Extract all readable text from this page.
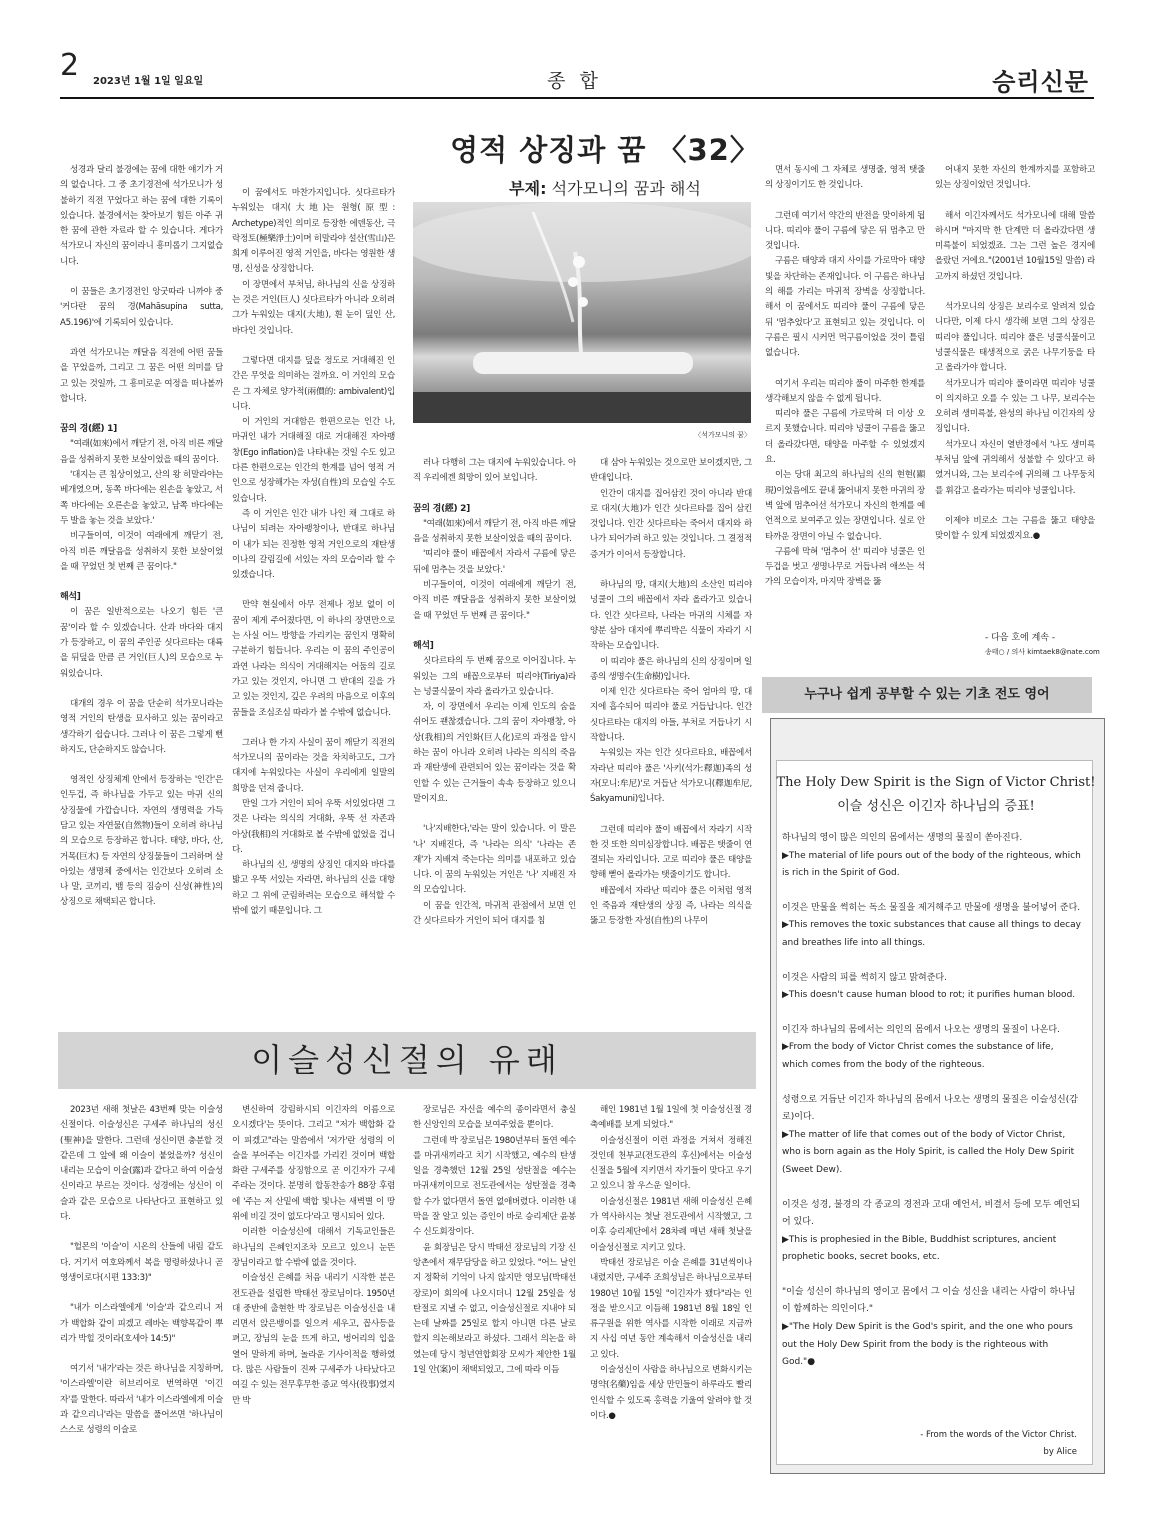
2 2023년 1월 1일 일요일	종 합	승리신문
영적 상징과 꿈 〈32〉
부제: 석가모니의 꿈과 해석
〈석가모니의 꿈〉

성경과 달리 불경에는 꿈에 대한 얘기가 거의 없습니다. 그 중 초기경전에 석가모니가 성불하기 직전 꾸었다고 하는 꿈에 대한 기록이 있습니다. 불경에서는 찾아보기 힘든 아주 귀한 꿈에 관한 자료라 할 수 있습니다. 게다가 석가모니 자신의 꿈이라니 흥미롭기 그지없습니다.

이 꿈들은 초기경전인 앙굿따라 니까야 중 '커다란 꿈의 경(Mahāsupina sutta, A5.196)'에 기록되어 있습니다.

과연 석가모니는 깨달음 직전에 어떤 꿈들을 꾸었을까, 그리고 그 꿈은 어떤 의미를 담고 있는 것일까, 그 흥미로운 여정을 떠나볼까 합니다.

꿈의 경(經) 1]

"여래(如來)에서 깨닫기 전, 아직 비른 깨달음을 성취하지 못한 보살이었을 때의 꿈이다.

'대지는 큰 침상이었고, 산의 왕 히말라야는 베개였으며, 동쪽 바다에는 왼손을 놓았고, 서쪽 바다에는 오른손을 놓았고, 남쪽 바다에는 두 발을 놓는 것을 보았다.'

비구들이여, 이것이 여래에게 깨닫기 전, 아직 비른 깨달음을 성취하지 못한 보살이었을 때 꾸었던 첫 번째 큰 꿈이다."

해석]

이 꿈은 일반적으로는 나오기 힘든 '큰 꿈'이라 할 수 있겠습니다. 산과 바다와 대지가 등장하고, 이 꿈의 주인공 싯다르타는 대륙을 뒤덮을 만큼 큰 거인(巨人)의 모습으로 누워있습니다.

대개의 경우 이 꿈을 단순히 석가모니라는 영적 거인의 탄생을 묘사하고 있는 꿈이라고 생각하기 쉽습니다. 그러나 이 꿈은 그렇게 뻔하지도, 단순하지도 않습니다.

영적인 상징체계 안에서 등장하는 '인간'은 인두겁, 즉 하나님을 가두고 있는 마귀 신의 상징물에 가깝습니다. 자연의 생명력을 가득 담고 있는 자연물(自然物)들이 오히려 하나님의 모습으로 등장하곤 합니다. 태양, 바다, 산, 거목(巨木) 등 자연의 상징물들이 그러하며 살아있는 생명체 중에서는 인간보다 오히려 소나 말, 코끼리, 뱀 등의 짐승이 신성(神性)의 상징으로 채택되곤 합니다.

이 꿈에서도 마찬가지입니다. 싯다르타가 누워있는 대지(大地)는 원형(原型: Archetype)적인 의미로 등장한 에덴동산, 극락정토(極樂淨土)이며 히말라야 설산(雪山)은 희게 이루어진 영적 거인을, 바다는 영원한 생명, 신성을 상징합니다.

이 장면에서 부처님, 하나님의 신을 상징하는 것은 거인(巨人) 싯다르타가 아니라 오히려 그가 누워있는 대지(大地), 흰 눈이 덮인 산, 바다인 것입니다.

그렇다면 대지를 덮을 정도로 거대해진 인간은 무엇을 의미하는 걸까요. 이 거인의 모습은 그 자체로 양가적(兩價的: ambivalent)입니다.

이 거인의 거대함은 한편으로는 인간 나, 마귀인 내가 거대해질 대로 거대해진 자아팽창(Ego inflation)을 나타내는 것일 수도 있고 다른 한편으로는 인간의 한계를 넘어 영적 거인으로 성장해가는 자성(自性)의 모습일 수도 있습니다.

즉 이 거인은 인간 내가 나인 채 그대로 하나님이 되려는 자아팽창이나, 반대로 하나님이 내가 되는 진정한 영적 거인으로의 재탄생이나의 갈림길에 서있는 자의 모습이라 할 수 있겠습니다.

만약 현실에서 아무 전제나 정보 없이 이 꿈이 제게 주어졌다면, 이 하나의 장면만으로는 사실 어느 방향을 가리키는 꿈인지 명확히 구분하기 힘듭니다. 우리는 이 꿈의 주인공이 과연 나라는 의식이 거대해지는 어둠의 길로 가고 있는 것인지, 아니면 그 반대의 길을 가고 있는 것인지, 깊은 우려의 마음으로 이후의 꿈들을 조심조심 따라가 볼 수밖에 없습니다.

그러나 한 가지 사실이 꿈이 깨닫기 직전의 석가모니의 꿈이라는 것을 차치하고도, 그가 대지에 누워있다는 사실이 우리에게 일말의 희망을 던져 줍니다.

만일 그가 거인이 되어 우뚝 서있었다면 그것은 나라는 의식의 거대화, 우뚝 선 자존과 아상(我相)의 거대화로 볼 수밖에 없었을 겁니다.

하나님의 신, 생명의 상징인 대지와 바다를 밟고 우뚝 서있는 자라면, 하나님의 신을 대항하고 그 위에 군림하려는 모습으로 해석할 수밖에 없기 때문입니다. 그

러나 다행히 그는 대지에 누워있습니다. 아직 우리에겐 희망이 있어 보입니다.

꿈의 경(經) 2]

"여래(如來)에서 깨닫기 전, 아직 바른 깨달음을 성취하지 못한 보살이었을 때의 꿈이다.

'띠리야 풀이 배꼽에서 자라서 구름에 닿은 뒤에 멈추는 것을 보았다.'

비구들이여, 이것이 여래에게 깨닫기 전, 아직 비른 깨달음을 성취하지 못한 보살이었을 때 꾸었던 두 번째 큰 꿈이다."

해석]

싯다르타의 두 번째 꿈으로 이어집니다. 누워있는 그의 배꼽으로부터 띠리야(Tiriya)라는 넝쿨식물이 자라 올라가고 있습니다.

자, 이 장면에서 우리는 이제 인도의 숨을 쉬어도 괜찮겠습니다. 그의 꿈이 자아팽창, 아상(我相)의 거인화(巨人化)로의 과정을 암시하는 꿈이 아니라 오히려 나라는 의식의 죽음과 재탄생에 관련되어 있는 꿈이라는 것을 확인할 수 있는 근거들이 속속 등장하고 있으니 말이지요.

'나'지배한다,'라는 말이 있습니다. 이 말은 '나' 지배진다, 즉 '나라는 의식' '나라는 존재'가 지배져 죽는다는 의미를 내포하고 있습니다. 이 꿈의 누워있는 거인은 '나' 지배진 자의 모습입니다.

이 꿈을 인간적, 마귀적 관점에서 보면 인간 싯다르타가 거인이 되어 대지를 침

대 삼아 누워있는 것으로만 보이겠지만, 그 반대입니다.

인간이 대지를 집어삼킨 것이 아니라 반대로 대지(大地)가 인간 싯다르타를 집어 삼킨 것입니다. 인간 싯다르타는 죽어서 대지와 하나가 되어가려 하고 있는 것입니다. 그 결정적 증거가 이어서 등장합니다.

하나님의 땅, 대지(大地)의 소산인 띠리야 넝쿨이 그의 배꼽에서 자라 올라가고 있습니다. 인간 싯다르타, 나라는 마귀의 시체를 자양분 삼아 대지에 뿌리박은 식물이 자라기 시작하는 모습입니다.

이 띠리야 풀은 하나님의 신의 상징이며 일종의 생명수(生命樹)입니다.

이제 인간 싯다르타는 죽어 엄마의 땅, 대지에 흡수되어 띠리야 풀로 거듭납니다. 인간 싯다르타는 대지의 아들, 부처로 거듭나기 시작합니다.

누워있는 자는 인간 싯다르타요, 배꼽에서 자라난 띠리야 풀은 '사키(석가:釋迦)족의 성자(모니:牟尼)'로 거듭난 석가모니(釋迦牟尼, Śakyamuni)입니다.

그런데 띠리야 풀이 배꼽에서 자라기 시작한 것 또한 의미심장합니다. 배꼽은 탯줄이 연결되는 자리입니다. 고로 띠리야 풀은 태양을 향해 뻗어 올라가는 탯줄이기도 합니다.

배꼽에서 자라난 띠리야 풀은 이처럼 영적인 죽음과 재탄생의 상징 즉, 나라는 의식을 뚫고 등장한 자성(自性)의 나무이

면서 동시에 그 자체로 생명줄, 영적 탯줄의 상징이기도 한 것입니다.

그런데 여기서 약간의 반전을 맞이하게 됩니다. 띠리야 풀이 구름에 닿은 뒤 멈추고 만 것입니다.

구름은 태양과 대지 사이를 가로막아 태양빛을 차단하는 존재입니다. 이 구름은 하나님의 해를 가리는 마귀적 장벽을 상징합니다. 해서 이 꿈에서도 띠리야 풀이 구름에 닿은 뒤 '멈추었다'고 표현되고 있는 것입니다. 이 구름은 필시 시커먼 먹구름이었을 것이 틀림없습니다.

여기서 우리는 띠리야 풀이 마주한 한계를 생각해보지 않을 수 없게 됩니다.

띠리야 풀은 구름에 가로막혀 더 이상 오르지 못했습니다. 띠리야 넝쿨이 구름을 뚫고 더 올라갔다면, 태양을 마주할 수 있었겠지요.

이는 당대 최고의 하나님의 신의 현현(顯現)이었음에도 끝내 뚫어내지 못한 마귀의 장벽 앞에 멈추어선 석가모니 자신의 한계를 예언적으로 보여주고 있는 장면입니다. 실로 안타까운 장면이 아닐 수 없습니다.

구름에 막혀 '멈추어 선' 띠리야 넝쿨은 인두겁을 벗고 생명나무로 거듭나려 애쓰는 석가의 모습이자, 마지막 장벽을 뚫

어내지 못한 자신의 한계까지를 포함하고 있는 상징이었던 것입니다.

해서 이긴자께서도 석가모니에 대해 말씀하시며 "마지막 한 단계만 더 올라갔다면 생미륵불이 되었겠죠. 그는 그런 높은 경지에 올랐던 거에요."(2001년 10월15일 말씀) 라고까지 하셨던 것입니다.

석가모니의 상징은 보리수로 알려져 있습니다만, 이제 다시 생각해 보면 그의 상징은 띠리야 풀입니다. 띠리야 풀은 넝쿨식물이고 넝쿨식물은 태생적으로 굵은 나무기둥을 타고 올라가야 합니다.

석가모니가 띠리야 풀이라면 띠리야 넝쿨이 의지하고 오를 수 있는 그 나무, 보리수는 오히려 생미륵불, 완성의 하나님 이긴자의 상징입니다.

석가모니 자신이 열반경에서 '나도 생미륵 부처님 앞에 귀의해서 성불할 수 있다'고 하였거니와, 그는 보리수에 귀의해 그 나무둥치를 휘감고 올라가는 띠리야 넝쿨입니다.

이제야 비로소 그는 구름을 뚫고 태양을 맞이할 수 있게 되었겠지요.●

- 다음 호에 계속 -
송태○ / 의사 kimtaek8@nate.com
누구나 쉽게 공부할 수 있는 기초 전도 영어
The Holy Dew Spirit is the Sign of Victor Christ!
이슬 성신은 이긴자 하나님의 증표!
하나님의 영이 많은 의인의 몸에서는 생명의 물질이 쏟아진다.
▶The material of life pours out of the body of the righteous, which is rich in the Spirit of God.
이것은 만물을 썩히는 독소 물질을 제거해주고 만물에 생명을 불어넣어 준다.
▶This removes the toxic substances that cause all things to decay and breathes life into all things.
이것은 사람의 피를 썩히지 않고 맑혀준다.
▶This doesn't cause human blood to rot; it purifies human blood.
이긴자 하나님의 몸에서는 의인의 몸에서 나오는 생명의 물질이 나온다.
▶From the body of Victor Christ comes the substance of life, which comes from the body of the righteous.
성령으로 거듭난 이긴자 하나님의 몸에서 나오는 생명의 물질은 이슬성신(감로)이다.
▶The matter of life that comes out of the body of Victor Christ, who is born again as the Holy Spirit, is called the Holy Dew Spirit (Sweet Dew).
이것은 성경, 불경의 각 종교의 경전과 고대 예언서, 비결서 등에 모두 예언되어 있다.
▶This is prophesied in the Bible, Buddhist scriptures, ancient prophetic books, secret books, etc.
"이슬 성신이 하나님의 영이고 몸에서 그 이슬 성신을 내리는 사람이 하나님이 함께하는 의인이다."
▶"The Holy Dew Spirit is the God's spirit, and the one who pours out the Holy Dew Spirit from the body is the righteous with God."●
- From the words of the Victor Christ.
by Alice
이슬성신절의 유래

2023년 새해 첫날은 43번째 맞는 이슬성신절이다. 이슬성신은 구세주 하나님의 성신(聖神)을 말한다. 그런데 성신이면 충분할 것 같은데 그 앞에 왜 이슬이 붙었을까? 성신이 내리는 모습이 이슬(露)과 같다고 하여 이슬성신이라고 부르는 것이다. 성경에는 성신이 이슬과 같은 모습으로 나타난다고 표현하고 있다.

"헐몬의 '이슬'이 시온의 산들에 내림 같도다. 거기서 여호와께서 복을 명령하셨나니 곧 영생이로다(시편 133:3)"

"내가 이스라엘에게 '이슬'과 같으리니 저가 백합화 같이 피겠고 레바논 백향목같이 뿌리가 박힐 것이라(호세아 14:5)"

여기서 '내가'라는 것은 하나님을 지칭하며, '이스라엘'이란 히브리어로 번역하면 '이긴자'를 말한다. 따라서 '내가 이스라엘에게 이슬과 같으리니'라는 말씀을 풀어쓰면 '하나님이 스스로 성령의 이슬로

변신하여 강림하시되 이긴자의 이름으로 오시겠다'는 뜻이다. 그리고 "저가 백합화 같이 피겠고"라는 말씀에서 '저가'란 성령의 이슬을 부어주는 이긴자를 가리킨 것이며 백합화란 구세주를 상징함으로 곧 이긴자가 구세주라는 것이다. 분명히 합동찬송가 88장 후렴에 '주는 저 산밑에 백합 빛나는 새벽별 이 땅 위에 비길 것이 없도다'라고 명시되어 있다.

이러한 이슬성신에 대해서 기독교인들은 하나님의 은혜인지조차 모르고 있으니 눈뜬 장님이라고 할 수밖에 없을 것이다.

이슬성신 은혜를 처음 내리기 시작한 분은 전도관을 설립한 박태선 장로님이다. 1950년대 중반에 출현한 박 장로님은 이슬성신을 내리면서 앉은뱅이를 일으켜 세우고, 꼽사등을 펴고, 장님의 눈을 뜨게 하고, 벙어리의 입을 열어 말하게 하며, 놀라운 기사이적을 행하였다. 많은 사람들이 진짜 구세주가 나타났다고 여길 수 있는 전무후무한 종교 역사(役事)였지만 박

장로님은 자신을 예수의 종이라면서 충실한 신앙인의 모습을 보여주었을 뿐이다.

그런데 박 장로님은 1980년부터 돌연 예수를 마귀새끼라고 치기 시작했고, 예수의 탄생일을 경축했던 12월 25일 성탄절을 예수는 마귀새끼이므로 전도관에서는 성탄절을 경축할 수가 없다면서 돌연 없애버렸다. 이러한 내막을 잘 알고 있는 증인이 바로 승리제단 윤봉수 신도회장이다.

윤 회장님은 당시 박태선 장로님의 기장 신앙촌에서 재무담당을 하고 있었다. "어느 날인지 정확히 기억이 나지 않지만 영모님(박태선 장로)이 회의에 나오시더니 12월 25일을 성탄절로 지낼 수 없고, 이슬성신절로 지내야 되는데 날짜를 25일로 할지 아니면 다른 날로 할지 의논해보라고 하셨다. 그래서 의논을 하였는데 당시 청년연합회장 모씨가 제안한 1월 1일 안(案)이 채택되었고, 그에 따라 이듬

해인 1981년 1월 1일에 첫 이슬성신절 경축예배를 보게 되었다."

이슬성신절이 이런 과정을 거쳐서 정해진 것인데 천부교(전도관의 후신)에서는 이슬성신절을 5월에 지키면서 자기들이 맞다고 우기고 있으니 참 우스운 일이다.

이슬성신절은 1981년 새해 이슬성신 은혜가 역사하시는 첫날 전도관에서 시작했고, 그 이후 승리제단에서 28차례 매년 새해 첫날을 이슬성신절로 지키고 있다.

박태선 장로님은 이슬 은혜를 31년씩이나 내렸지만, 구세주 조희성님은 하나님으로부터 1980년 10월 15일 "이긴자가 됐다"라는 인정을 받으시고 이듬해 1981년 8월 18일 인류구원을 위한 역사를 시작한 이래로 지금까지 사십 여년 동안 계속해서 이슬성신을 내리고 있다.

이슬성신이 사람을 하나님으로 변화시키는 명약(名藥)임을 세상 만민들이 하루라도 빨리 인식할 수 있도록 홍력을 기울여 알려야 할 것이다.●
